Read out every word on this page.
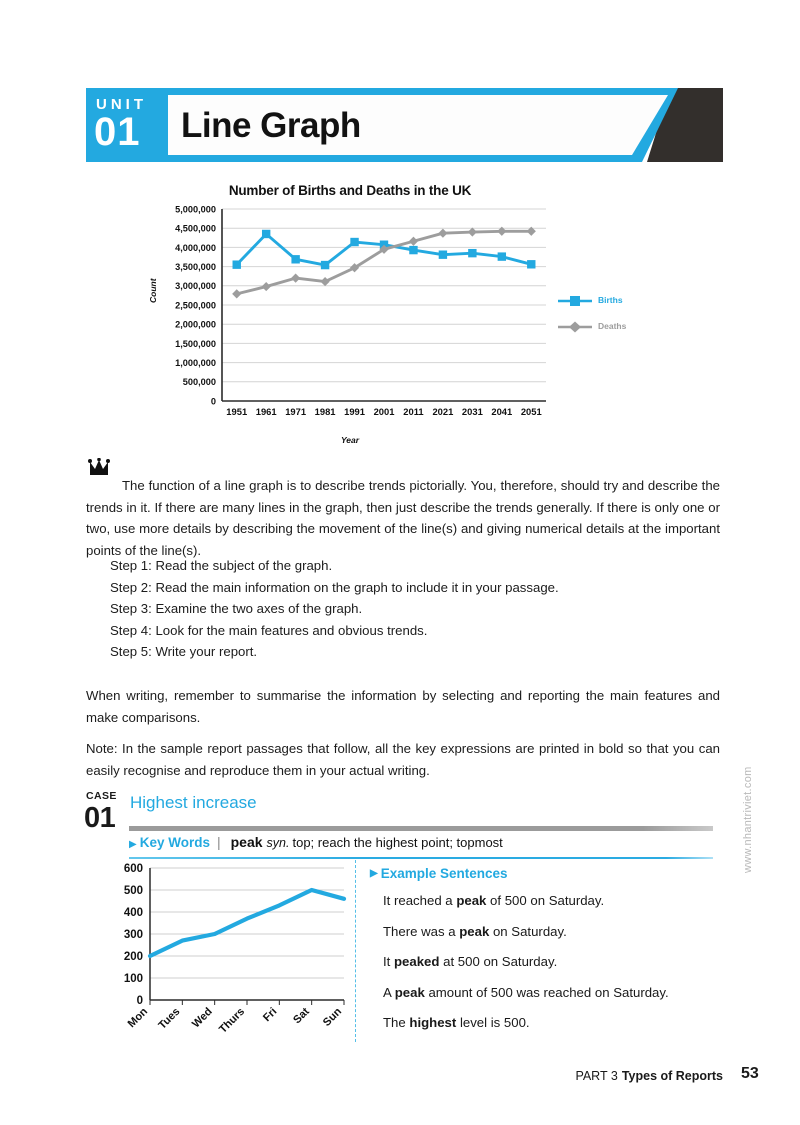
UNIT
01 Line Graph
Number of Births and Deaths in the UK
Count
Year
0
500,000
1,000,000
1,500,000
2,000,000
2,500,000
3,000,000
3,500,000
4,000,000
4,500,000
5,000,000
1951 1961 1971 1981 1991 2001 2011 2021 2031 2041 2051
Births
Deaths

The function of a line graph is to describe trends pictorially. You, therefore, should try and describe the trends in it. If there are many lines in the graph, then just describe the trends generally. If there is only one or two, use more details by describing the movement of the line(s) and giving numerical details at the important points of the line(s).

Step 1: Read the subject of the graph.
Step 2: Read the main information on the graph to include it in your passage.
Step 3: Examine the two axes of the graph.
Step 4: Look for the main features and obvious trends.
Step 5: Write your report.

When writing, remember to summarise the information by selecting and reporting the main features and make comparisons.

Note: In the sample report passages that follow, all the key expressions are printed in bold so that you can easily recognise and reproduce them in your actual writing.

CASE
01 Highest increase
▶ Key Words | peak syn. top; reach the highest point; topmost
0
100
200
300
400
500
600
Mon Tues Wed Thurs Fri Sat Sun
▶ Example Sentences
It reached a peak of 500 on Saturday.
There was a peak on Saturday.
It peaked at 500 on Saturday.
A peak amount of 500 was reached on Saturday.
The highest level is 500.
PART 3 Types of Reports 53
www.nhantriviet.com
